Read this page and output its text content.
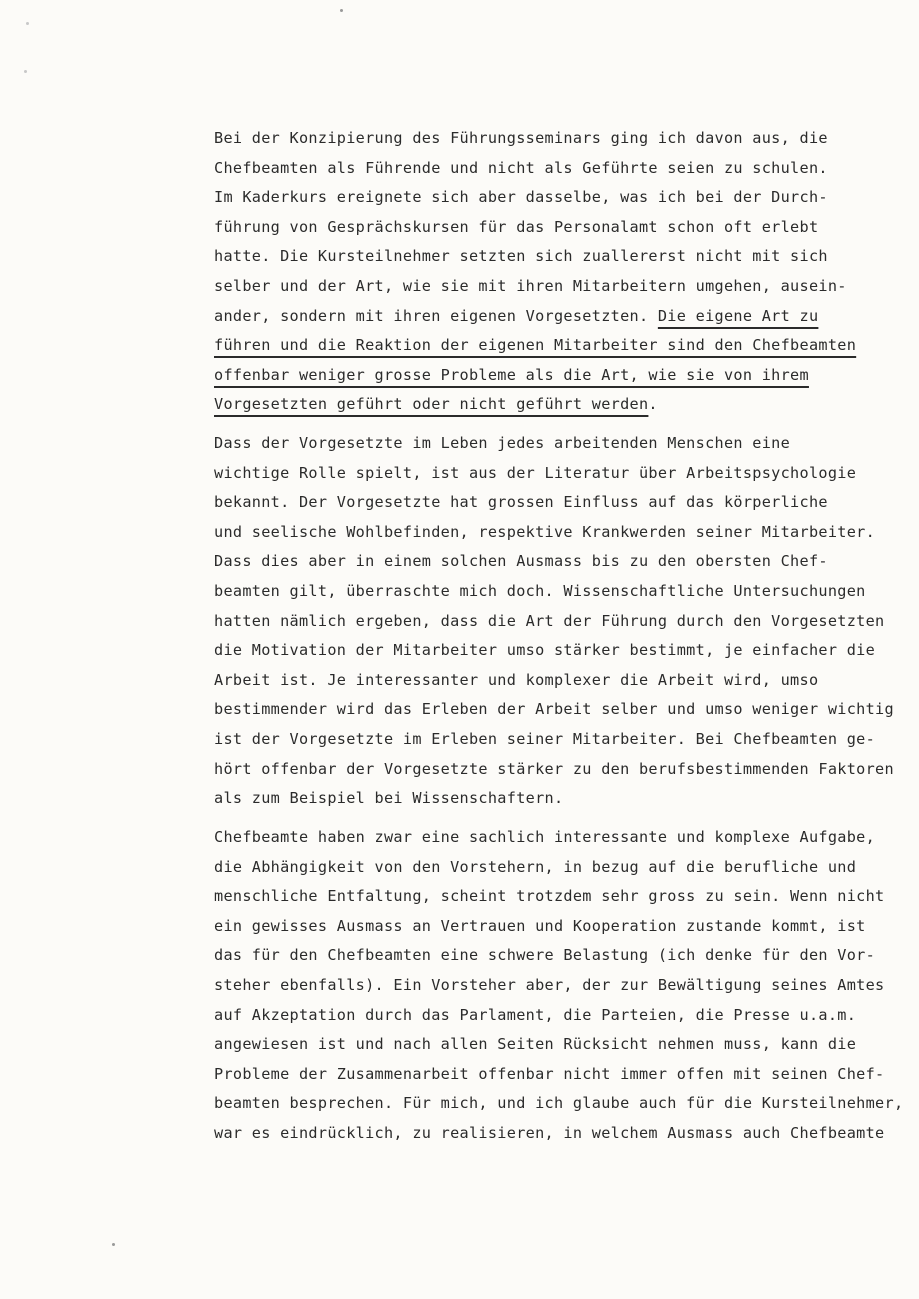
Bei der Konzipierung des Führungsseminars ging ich davon aus, die
Chefbeamten als Führende und nicht als Geführte seien zu schulen.
Im Kaderkurs ereignete sich aber dasselbe, was ich bei der Durch-
führung von Gesprächskursen für das Personalamt schon oft erlebt
hatte. Die Kursteilnehmer setzten sich zuallererst nicht mit sich
selber und der Art, wie sie mit ihren Mitarbeitern umgehen, ausein-
ander, sondern mit ihren eigenen Vorgesetzten. Die eigene Art zu
führen und die Reaktion der eigenen Mitarbeiter sind den Chefbeamten
offenbar weniger grosse Probleme als die Art, wie sie von ihrem
Vorgesetzten geführt oder nicht geführt werden.
Dass der Vorgesetzte im Leben jedes arbeitenden Menschen eine
wichtige Rolle spielt, ist aus der Literatur über Arbeitspsychologie
bekannt. Der Vorgesetzte hat grossen Einfluss auf das körperliche
und seelische Wohlbefinden, respektive Krankwerden seiner Mitarbeiter.
Dass dies aber in einem solchen Ausmass bis zu den obersten Chef-
beamten gilt, überraschte mich doch. Wissenschaftliche Untersuchungen
hatten nämlich ergeben, dass die Art der Führung durch den Vorgesetzten
die Motivation der Mitarbeiter umso stärker bestimmt, je einfacher die
Arbeit ist. Je interessanter und komplexer die Arbeit wird, umso
bestimmender wird das Erleben der Arbeit selber und umso weniger wichtig
ist der Vorgesetzte im Erleben seiner Mitarbeiter. Bei Chefbeamten ge-
hört offenbar der Vorgesetzte stärker zu den berufsbestimmenden Faktoren
als zum Beispiel bei Wissenschaftern.
Chefbeamte haben zwar eine sachlich interessante und komplexe Aufgabe,
die Abhängigkeit von den Vorstehern, in bezug auf die berufliche und
menschliche Entfaltung, scheint trotzdem sehr gross zu sein. Wenn nicht
ein gewisses Ausmass an Vertrauen und Kooperation zustande kommt, ist
das für den Chefbeamten eine schwere Belastung (ich denke für den Vor-
steher ebenfalls). Ein Vorsteher aber, der zur Bewältigung seines Amtes
auf Akzeptation durch das Parlament, die Parteien, die Presse u.a.m.
angewiesen ist und nach allen Seiten Rücksicht nehmen muss, kann die
Probleme der Zusammenarbeit offenbar nicht immer offen mit seinen Chef-
beamten besprechen. Für mich, und ich glaube auch für die Kursteilnehmer,
war es eindrücklich, zu realisieren, in welchem Ausmass auch Chefbeamte
